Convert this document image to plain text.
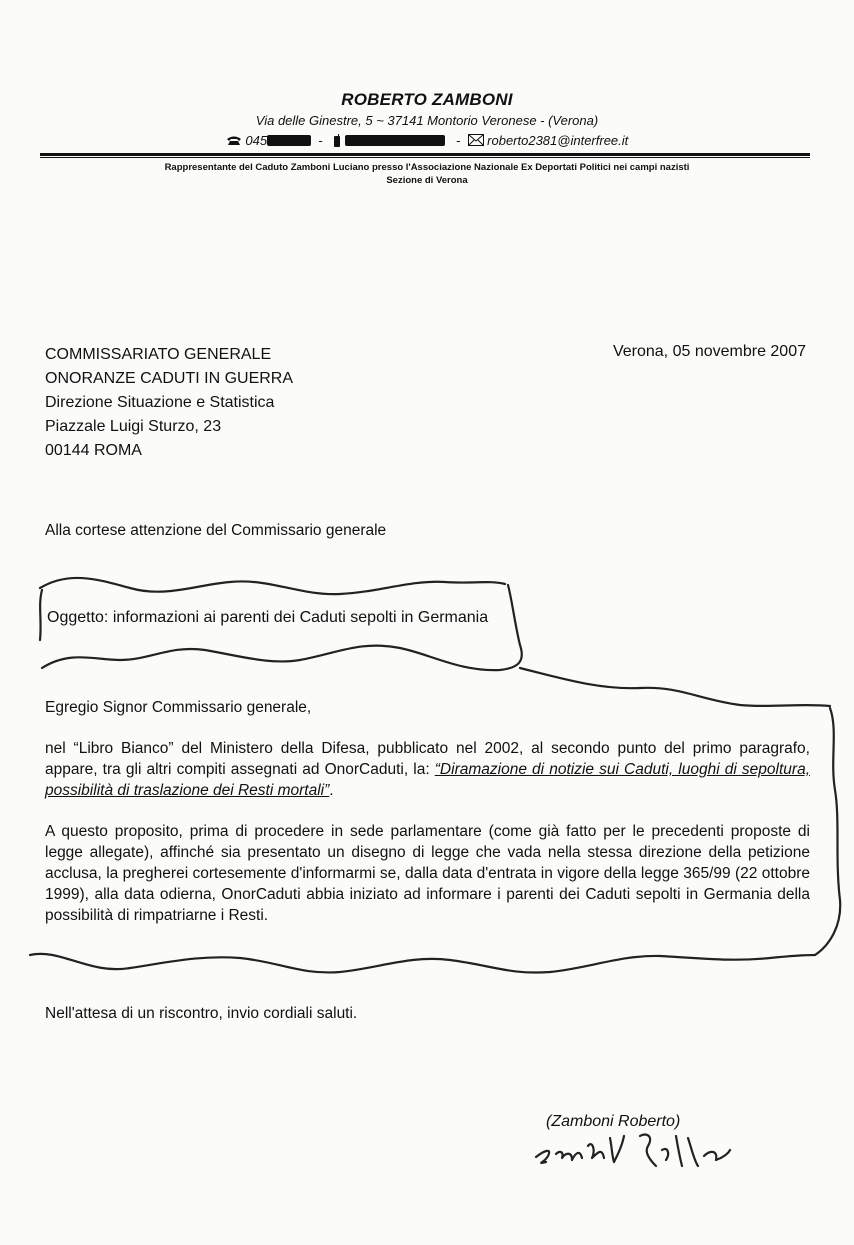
ROBERTO ZAMBONI
Via delle Ginestre, 5 ~ 37141 Montorio Veronese - (Verona)
045	-	-   roberto2381@interfree.it
Rappresentante del Caduto Zamboni Luciano presso l'Associazione Nazionale Ex Deportati Politici nei campi nazisti
Sezione di Verona
COMMISSARIATO GENERALE
ONORANZE CADUTI IN GUERRA
Direzione Situazione e Statistica
Piazzale Luigi Sturzo, 23
00144 ROMA
Verona, 05 novembre 2007
Alla cortese attenzione del Commissario generale
Oggetto: informazioni ai parenti dei Caduti sepolti in Germania
Egregio Signor Commissario generale,
nel “Libro Bianco” del Ministero della Difesa, pubblicato nel 2002, al secondo punto del primo paragrafo, appare, tra gli altri compiti assegnati ad OnorCaduti, la: “Diramazione di notizie sui Caduti, luoghi di sepoltura, possibilità di traslazione dei Resti mortali”.
A questo proposito, prima di procedere in sede parlamentare (come già fatto per le precedenti proposte di legge allegate), affinché sia presentato un disegno di legge che vada nella stessa direzione della petizione acclusa, la pregherei cortesemente d'informarmi se, dalla data d'entrata in vigore della legge 365/99 (22 ottobre 1999), alla data odierna, OnorCaduti abbia iniziato ad informare i parenti dei Caduti sepolti in Germania della possibilità di rimpatriarne i Resti.
Nell'attesa di un riscontro, invio cordiali saluti.
(Zamboni Roberto)
